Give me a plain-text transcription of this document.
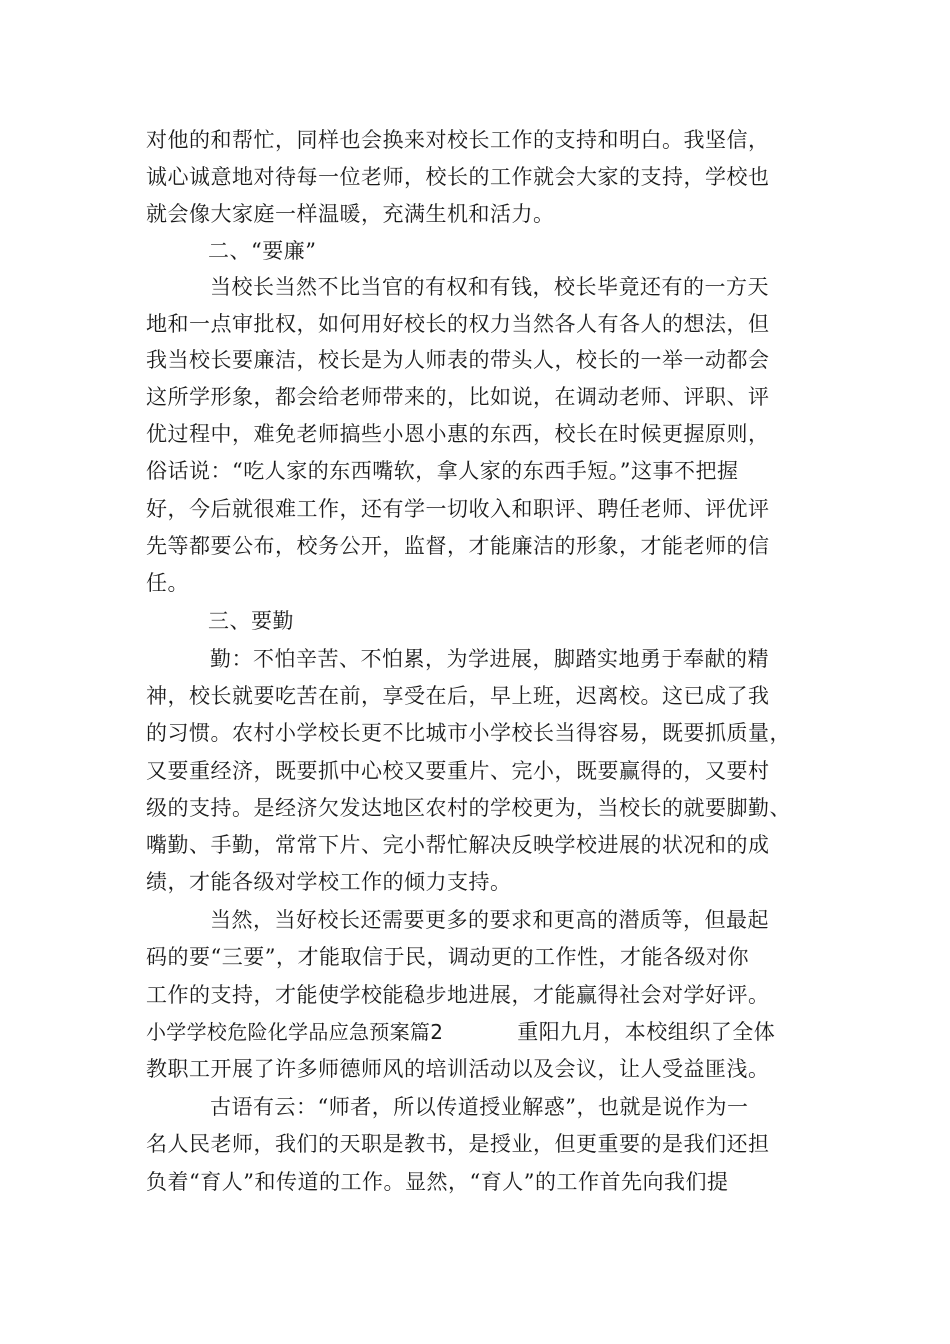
对他的和帮忙，同样也会换来对校长工作的支持和明白。我坚信，
诚心诚意地对待每一位老师，校长的工作就会大家的支持，学校也
就会像大家庭一样温暖，充满生机和活力。
二、“要廉”
当校长当然不比当官的有权和有钱，校长毕竟还有的一方天
地和一点审批权，如何用好校长的权力当然各人有各人的想法，但
我当校长要廉洁，校长是为人师表的带头人，校长的一举一动都会
这所学形象，都会给老师带来的，比如说，在调动老师、评职、评
优过程中，难免老师搞些小恩小惠的东西，校长在时候更握原则，
俗话说：“吃人家的东西嘴软，拿人家的东西手短。”这事不把握
好，今后就很难工作，还有学一切收入和职评、聘任老师、评优评
先等都要公布，校务公开，监督，才能廉洁的形象，才能老师的信
任。
三、要勤
勤：不怕辛苦、不怕累，为学进展，脚踏实地勇于奉献的精
神，校长就要吃苦在前，享受在后，早上班，迟离校。这已成了我
的习惯。农村小学校长更不比城市小学校长当得容易，既要抓质量，
又要重经济，既要抓中心校又要重片、完小，既要赢得的，又要村
级的支持。是经济欠发达地区农村的学校更为，当校长的就要脚勤、
嘴勤、手勤，常常下片、完小帮忙解决反映学校进展的状况和的成
绩，才能各级对学校工作的倾力支持。
当然，当好校长还需要更多的要求和更高的潜质等，但最起
码的要“三要”，才能取信于民，调动更的工作性，才能各级对你
工作的支持，才能使学校能稳步地进展，才能赢得社会对学好评。
小学学校危险化学品应急预案篇2	重阳九月，本校组织了全体
教职工开展了许多师德师风的培训活动以及会议，让人受益匪浅。
古语有云：“师者，所以传道授业解惑”，也就是说作为一
名人民老师，我们的天职是教书，是授业，但更重要的是我们还担
负着“育人”和传道的工作。显然，“育人”的工作首先向我们提
